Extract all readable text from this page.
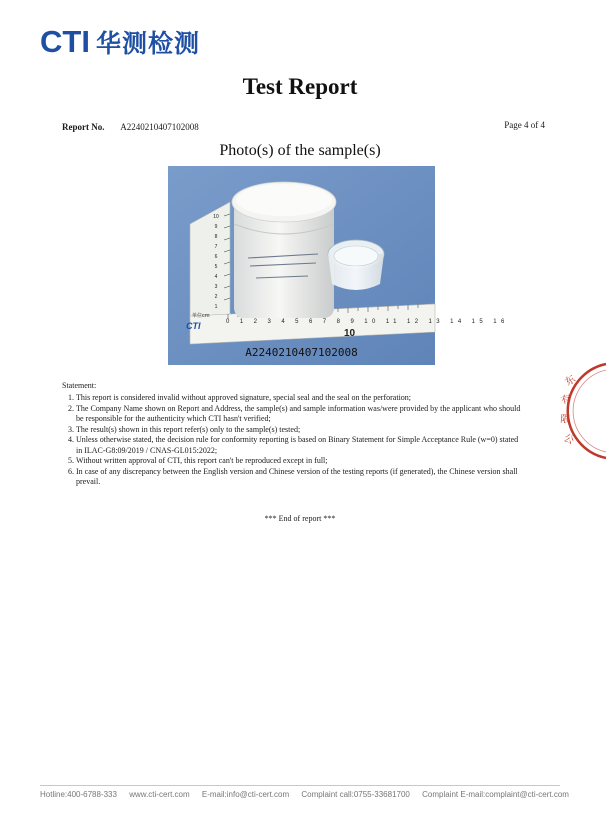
CTI 华测检测
Test Report
Report No. A2240210407102008	Page 4 of 4
Photo(s) of the sample(s)
CTI
单位cm
0 1 2 3 4 5 6 7 8 9 10 11 12 13 14 15 16
10
9
8
7
6
5
4
3
2
1
10
A2240210407102008
Statement:
1. This report is considered invalid without approved signature, special seal and the seal on the perforation;
2. The Company Name shown on Report and Address, the sample(s) and sample information was/were provided by the applicant who should be responsible for the authenticity which CTI hasn't verified;
3. The result(s) shown in this report refer(s) only to the sample(s) tested;
4. Unless otherwise stated, the decision rule for conformity reporting is based on Binary Statement for Simple Acceptance Rule (w=0) stated in ILAC-G8:09/2019 / CNAS-GL015:2022;
5. Without written approval of CTI, this report can't be reproduced except in full;
6. In case of any discrepancy between the English version and Chinese version of the testing reports (if generated), the Chinese version shall prevail.
*** End of report ***
东
有
限
公
Hotline:400-6788-333 www.cti-cert.com E-mail:info@cti-cert.com Complaint call:0755-33681700 Complaint E-mail:complaint@cti-cert.com
